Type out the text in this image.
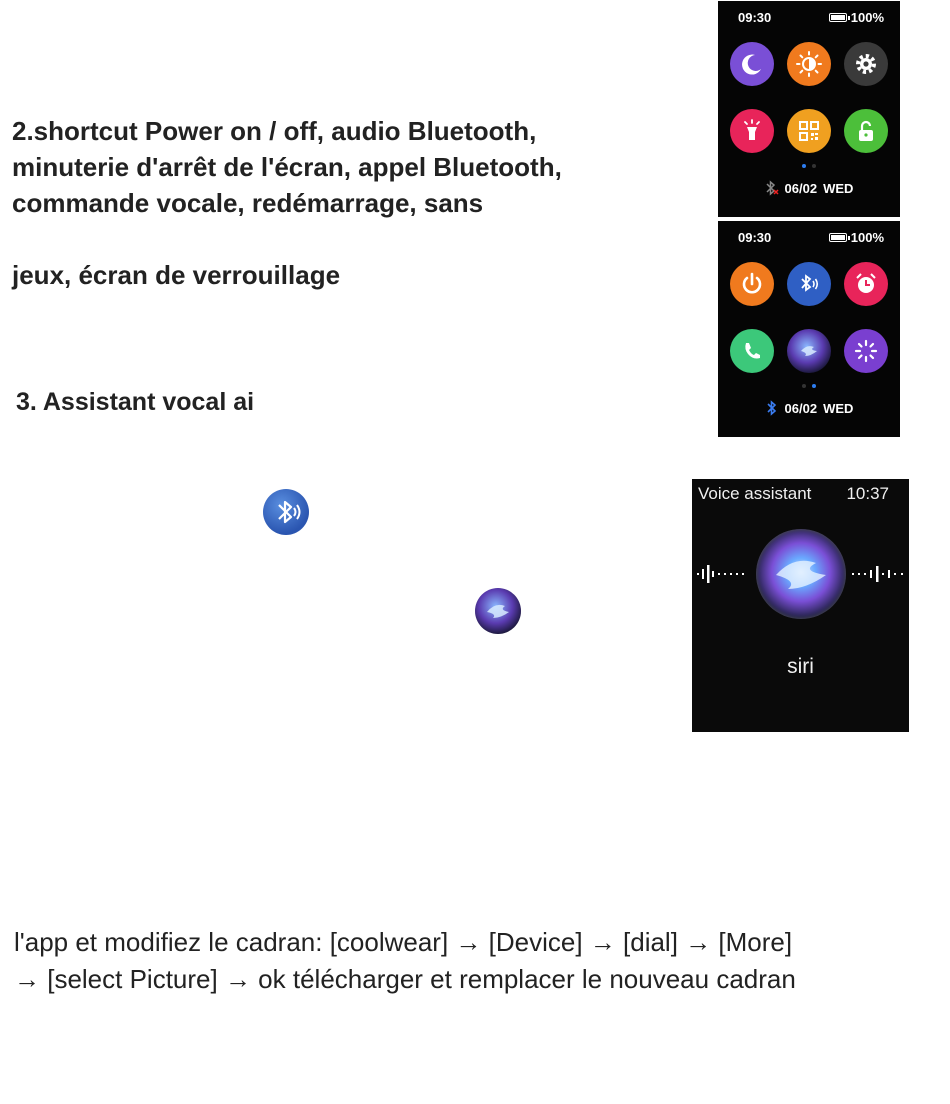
2.shortcut Power on / off, audio Bluetooth,

minuterie d'arrêt de l'écran, appel Bluetooth,

commande vocale, redémarrage, sans

jeux, écran de verrouillage

3. Assistant vocal ai

09:30	100%
06/02 WED
09:30	100%
06/02 WED
Voice assistant 10:37
siri

l'app et modifiez le cadran: [coolwear] → [Device] → [dial] → [More]

→ [select Picture] → ok télécharger et remplacer le nouveau cadran
